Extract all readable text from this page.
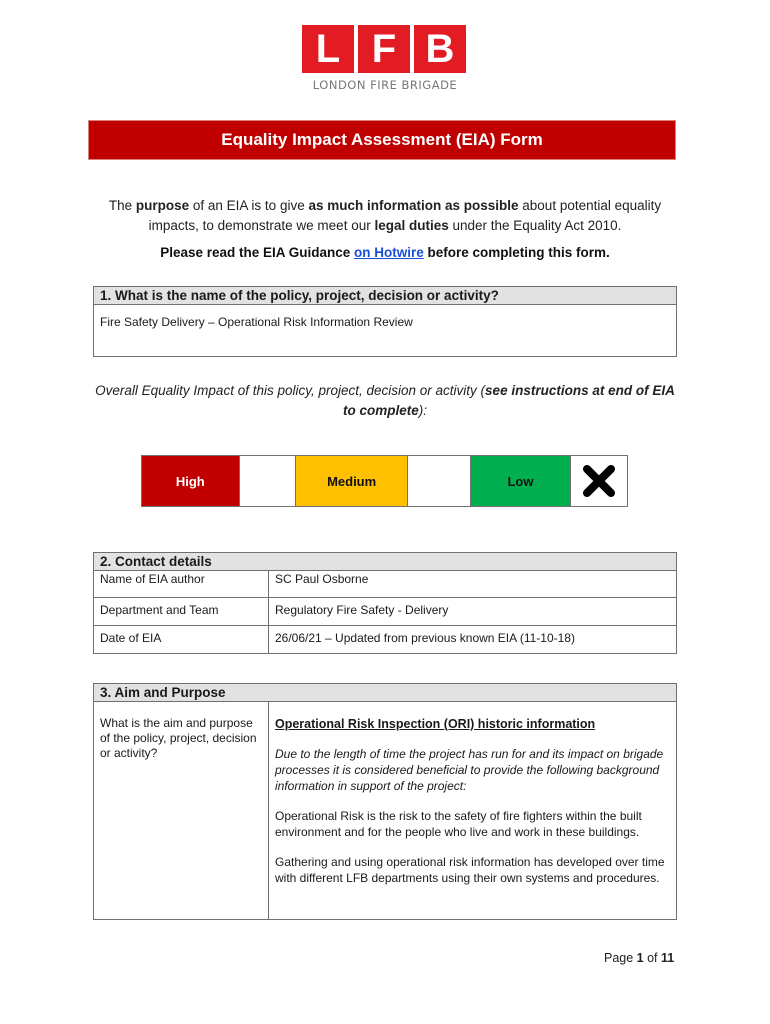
L F B
LONDON FIRE BRIGADE
Equality Impact Assessment (EIA) Form
The purpose of an EIA is to give as much information as possible about potential equality impacts, to demonstrate we meet our legal duties under the Equality Act 2010.
Please read the EIA Guidance on Hotwire before completing this form.
1. What is the name of the policy, project, decision or activity?
Fire Safety Delivery – Operational Risk Information Review
Overall Equality Impact of this policy, project, decision or activity (see instructions at end of EIA to complete):
High	Medium	Low
2. Contact details	
Name of EIA author	SC Paul Osborne
Department and Team	Regulatory Fire Safety - Delivery
Date of EIA	26/06/21 – Updated from previous known EIA (11-10-18)
3. Aim and Purpose
What is the aim and purpose of the policy, project, decision or activity?	
Operational Risk Inspection (ORI) historic information
Due to the length of time the project has run for and its impact on brigade processes it is considered beneficial to provide the following background information in support of the project:

Operational Risk is the risk to the safety of fire fighters within the built environment and for the people who live and work in these buildings.

Gathering and using operational risk information has developed over time with different LFB departments using their own systems and procedures.

Page 1 of 11
